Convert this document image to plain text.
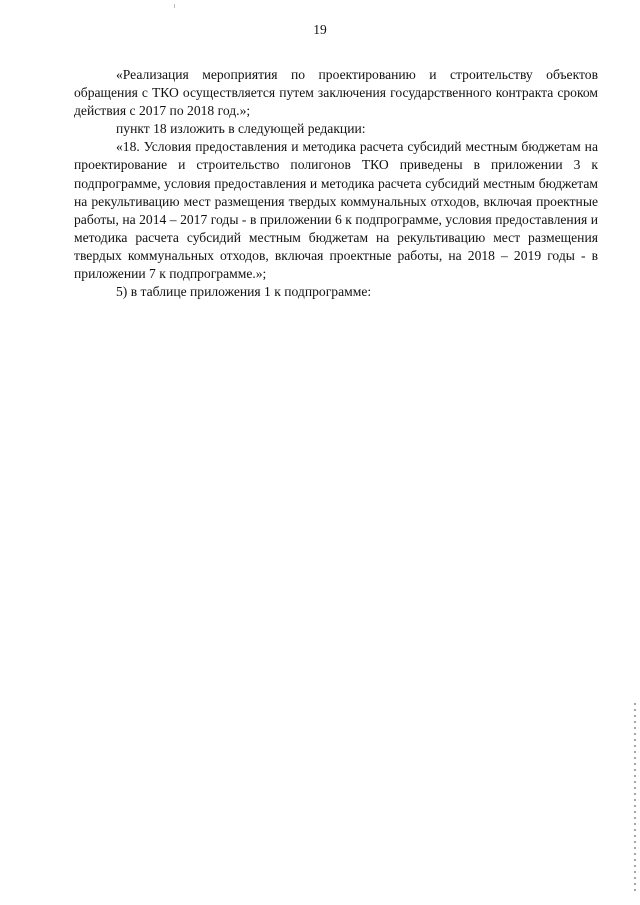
19

«Реализация мероприятия по проектированию и строительству объектов обращения с ТКО осуществляется путем заключения государственного контракта сроком действия с 2017 по 2018 год.»;

пункт 18 изложить в следующей редакции:

«18. Условия предоставления и методика расчета субсидий местным бюджетам на проектирование и строительство полигонов ТКО приведены в приложении 3 к подпрограмме, условия предоставления и методика расчета субсидий местным бюджетам на рекультивацию мест размещения твердых коммунальных отходов, включая проектные работы, на 2014 – 2017 годы - в приложении 6 к подпрограмме, условия предоставления и методика расчета субсидий местным бюджетам на рекультивацию мест размещения твердых коммунальных отходов, включая проектные работы, на 2018 – 2019 годы - в приложении 7 к подпрограмме.»;

5) в таблице приложения 1 к подпрограмме:
